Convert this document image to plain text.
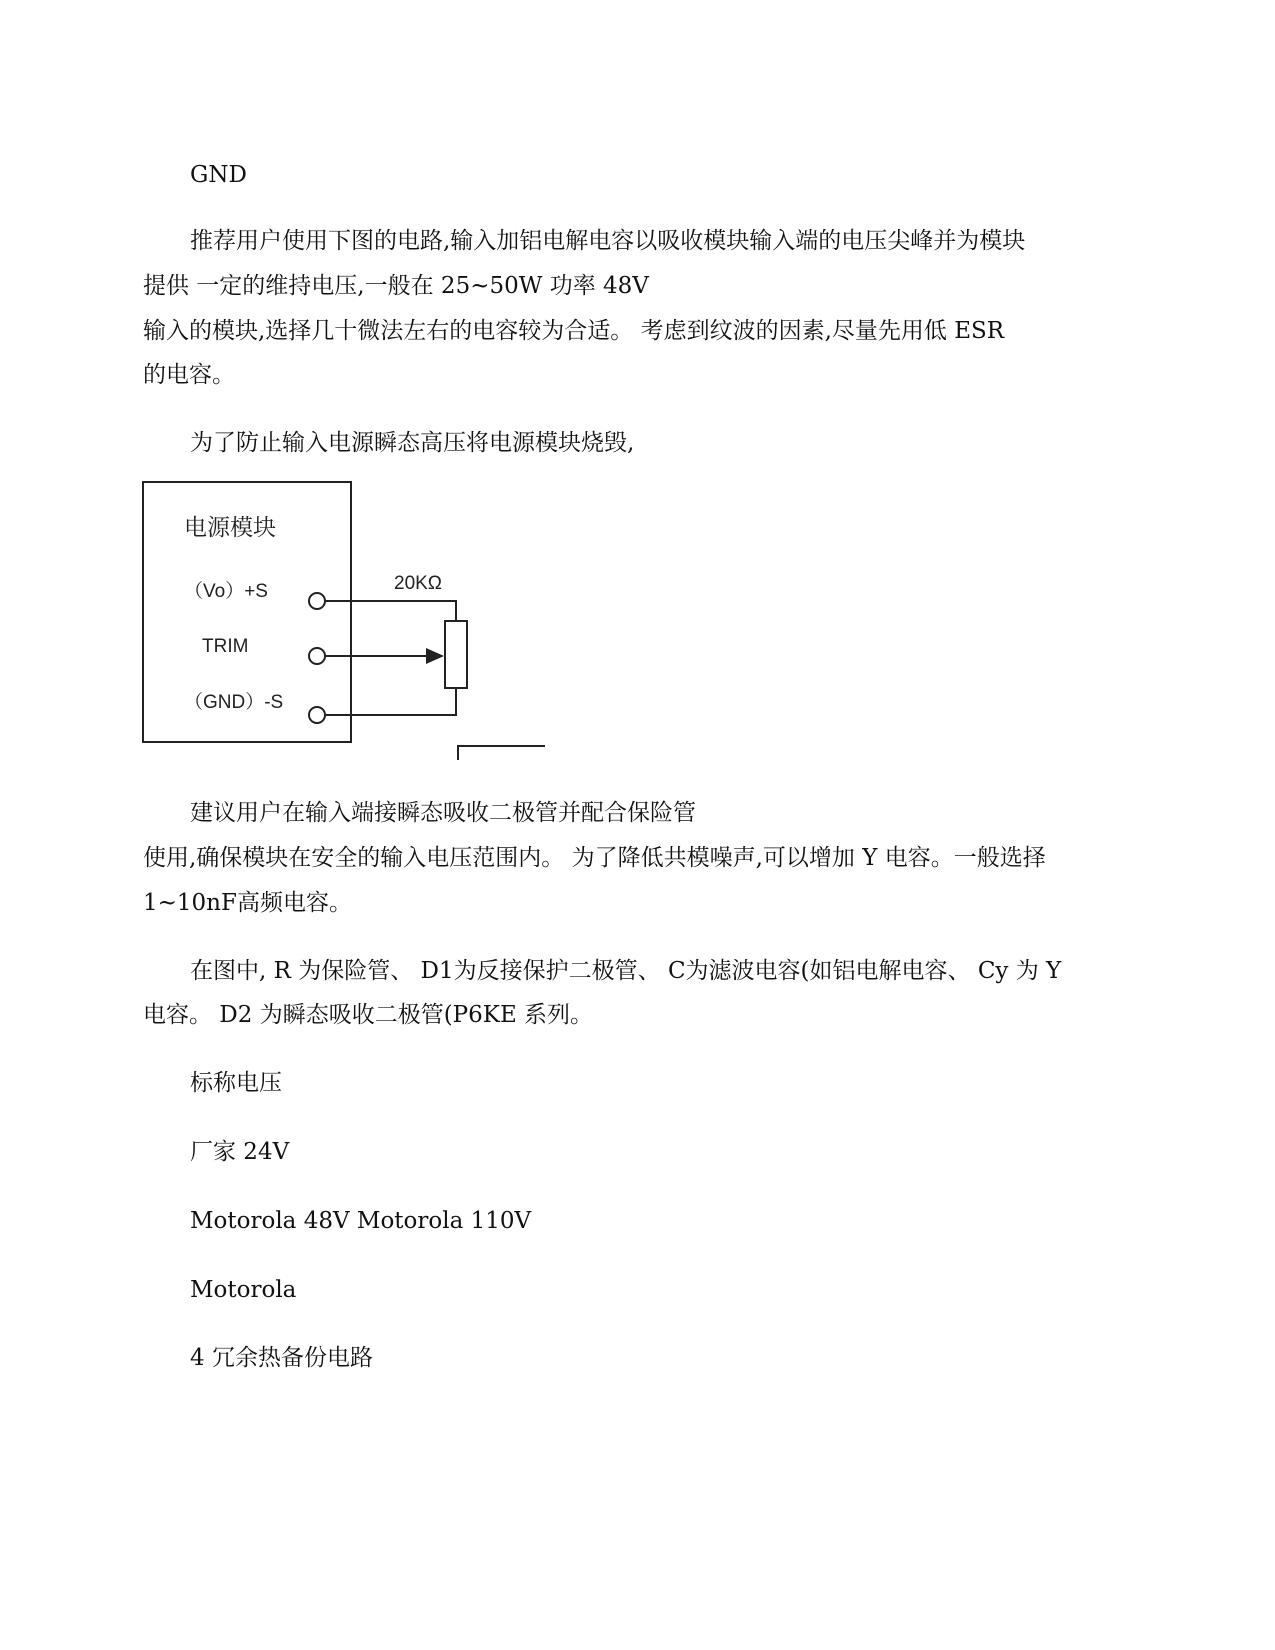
GND

推荐用户使用下图的电路,输入加铝电解电容以吸收模块输入端的电压尖峰并为模块

提供 一定的维持电压,一般在 25~50W 功率 48V

输入的模块,选择几十微法左右的电容较为合适。 考虑到纹波的因素,尽量先用低 ESR

的电容。

为了防止输入电源瞬态高压将电源模块烧毁,

电源模块
（Vo）+S
TRIM
（GND）-S
20KΩ

建议用户在输入端接瞬态吸收二极管并配合保险管

使用,确保模块在安全的输入电压范围内。 为了降低共模噪声,可以增加 Y 电容。一般选择

1~10nF高频电容。

在图中, R 为保险管、 D1为反接保护二极管、 C为滤波电容(如铝电解电容、 Cy 为 Y

电容。 D2 为瞬态吸收二极管(P6KE 系列。

标称电压

厂家 24V

Motorola 48V Motorola 110V

Motorola

4 冗余热备份电路
